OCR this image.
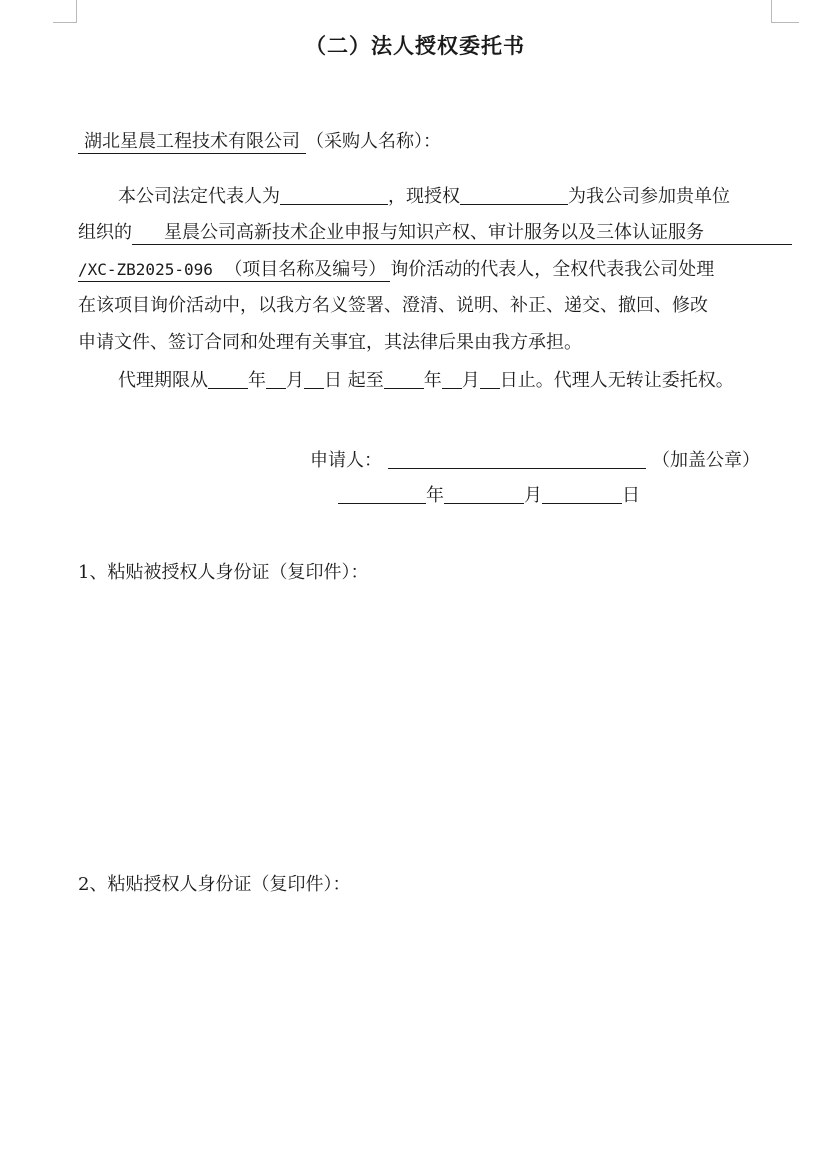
（二）法人授权委托书
湖北星晨工程技术有限公司 （采购人名称）：
本公司法定代表人为	，现授权	为我公司参加贵单位
组织的 星晨公司高新技术企业申报与知识产权、审计服务以及三体认证服务
/XC-ZB2025-096 （项目名称及编号） 询价活动的代表人，全权代表我公司处理
在该项目询价活动中，以我方名义签署、澄清、说明、补正、递交、撤回、修改
申请文件、签订合同和处理有关事宜，其法律后果由我方承担。
代理期限从 年 月 日 起至 年 月 日止。代理人无转让委托权。
申请人：	（加盖公章）
年	月	日
1、粘贴被授权人身份证（复印件）：
2、粘贴授权人身份证（复印件）：
